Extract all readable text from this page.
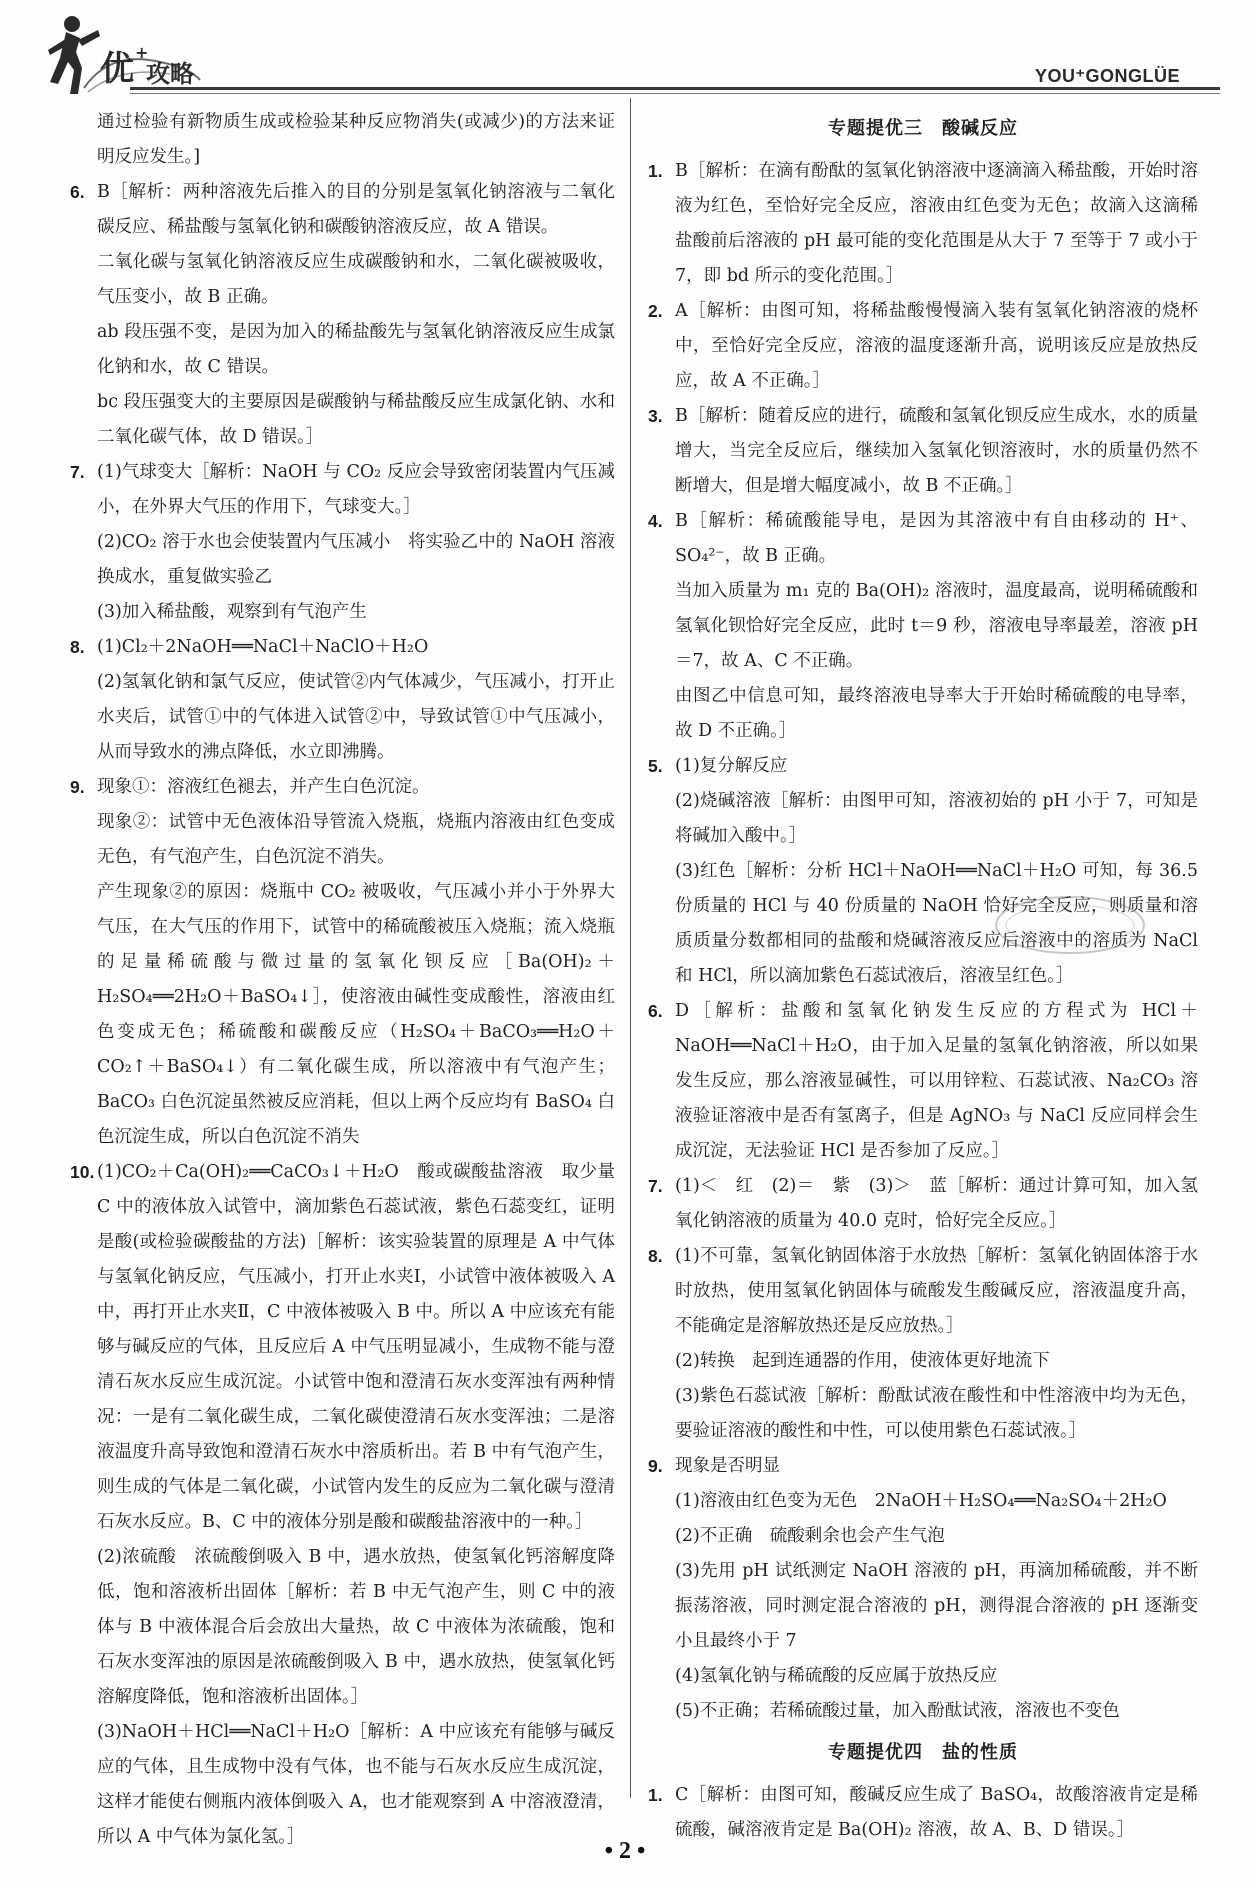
优 +
攻略	YOU⁺GONGLÜE

通过检验有新物质生成或检验某种反应物消失(或减少)的方法来证明反应发生。]

6. B［解析：两种溶液先后推入的目的分别是氢氧化钠溶液与二氧化碳反应、稀盐酸与氢氧化钠和碳酸钠溶液反应，故 A 错误。

二氧化碳与氢氧化钠溶液反应生成碳酸钠和水，二氧化碳被吸收，气压变小，故 B 正确。

ab 段压强不变，是因为加入的稀盐酸先与氢氧化钠溶液反应生成氯化钠和水，故 C 错误。

bc 段压强变大的主要原因是碳酸钠与稀盐酸反应生成氯化钠、水和二氧化碳气体，故 D 错误。］

7. (1)气球变大［解析：NaOH 与 CO₂ 反应会导致密闭装置内气压减小，在外界大气压的作用下，气球变大。］

(2)CO₂ 溶于水也会使装置内气压减小　将实验乙中的 NaOH 溶液换成水，重复做实验乙

(3)加入稀盐酸，观察到有气泡产生

8. (1)Cl₂＋2NaOH══NaCl＋NaClO＋H₂O

(2)氢氧化钠和氯气反应，使试管②内气体减少，气压减小，打开止水夹后，试管①中的气体进入试管②中，导致试管①中气压减小，从而导致水的沸点降低，水立即沸腾。

9. 现象①：溶液红色褪去，并产生白色沉淀。

现象②：试管中无色液体沿导管流入烧瓶，烧瓶内溶液由红色变成无色，有气泡产生，白色沉淀不消失。

产生现象②的原因：烧瓶中 CO₂ 被吸收，气压减小并小于外界大气压，在大气压的作用下，试管中的稀硫酸被压入烧瓶；流入烧瓶的足量稀硫酸与微过量的氢氧化钡反应［Ba(OH)₂＋H₂SO₄══2H₂O＋BaSO₄↓］，使溶液由碱性变成酸性，溶液由红色变成无色；稀硫酸和碳酸反应（H₂SO₄＋BaCO₃══H₂O＋CO₂↑＋BaSO₄↓）有二氧化碳生成，所以溶液中有气泡产生；BaCO₃ 白色沉淀虽然被反应消耗，但以上两个反应均有 BaSO₄ 白色沉淀生成，所以白色沉淀不消失

10. (1)CO₂＋Ca(OH)₂══CaCO₃↓＋H₂O　酸或碳酸盐溶液　取少量 C 中的液体放入试管中，滴加紫色石蕊试液，紫色石蕊变红，证明是酸(或检验碳酸盐的方法)［解析：该实验装置的原理是 A 中气体与氢氧化钠反应，气压减小，打开止水夹Ⅰ，小试管中液体被吸入 A 中，再打开止水夹Ⅱ，C 中液体被吸入 B 中。所以 A 中应该充有能够与碱反应的气体，且反应后 A 中气压明显减小，生成物不能与澄清石灰水反应生成沉淀。小试管中饱和澄清石灰水变浑浊有两种情况：一是有二氧化碳生成，二氧化碳使澄清石灰水变浑浊；二是溶液温度升高导致饱和澄清石灰水中溶质析出。若 B 中有气泡产生，则生成的气体是二氧化碳，小试管内发生的反应为二氧化碳与澄清石灰水反应。B、C 中的液体分别是酸和碳酸盐溶液中的一种。］

(2)浓硫酸　浓硫酸倒吸入 B 中，遇水放热，使氢氧化钙溶解度降低，饱和溶液析出固体［解析：若 B 中无气泡产生，则 C 中的液体与 B 中液体混合后会放出大量热，故 C 中液体为浓硫酸，饱和石灰水变浑浊的原因是浓硫酸倒吸入 B 中，遇水放热，使氢氧化钙溶解度降低，饱和溶液析出固体。］

(3)NaOH＋HCl══NaCl＋H₂O［解析：A 中应该充有能够与碱反应的气体，且生成物中没有气体，也不能与石灰水反应生成沉淀，这样才能使右侧瓶内液体倒吸入 A，也才能观察到 A 中溶液澄清，所以 A 中气体为氯化氢。］

专题提优三　酸碱反应
1. B［解析：在滴有酚酞的氢氧化钠溶液中逐滴滴入稀盐酸，开始时溶液为红色，至恰好完全反应，溶液由红色变为无色；故滴入这滴稀盐酸前后溶液的 pH 最可能的变化范围是从大于 7 至等于 7 或小于 7，即 bd 所示的变化范围。］

2. A［解析：由图可知，将稀盐酸慢慢滴入装有氢氧化钠溶液的烧杯中，至恰好完全反应，溶液的温度逐渐升高，说明该反应是放热反应，故 A 不正确。］

3. B［解析：随着反应的进行，硫酸和氢氧化钡反应生成水，水的质量增大，当完全反应后，继续加入氢氧化钡溶液时，水的质量仍然不断增大，但是增大幅度减小，故 B 不正确。］

4. B［解析：稀硫酸能导电，是因为其溶液中有自由移动的 H⁺、SO₄²⁻，故 B 正确。

当加入质量为 m₁ 克的 Ba(OH)₂ 溶液时，温度最高，说明稀硫酸和氢氧化钡恰好完全反应，此时 t＝9 秒，溶液电导率最差，溶液 pH＝7，故 A、C 不正确。

由图乙中信息可知，最终溶液电导率大于开始时稀硫酸的电导率，故 D 不正确。］

5. (1)复分解反应

(2)烧碱溶液［解析：由图甲可知，溶液初始的 pH 小于 7，可知是将碱加入酸中。］

(3)红色［解析：分析 HCl＋NaOH══NaCl＋H₂O 可知，每 36.5 份质量的 HCl 与 40 份质量的 NaOH 恰好完全反应，则质量和溶质质量分数都相同的盐酸和烧碱溶液反应后溶液中的溶质为 NaCl 和 HCl，所以滴加紫色石蕊试液后，溶液呈红色。］

6. D［解析：盐酸和氢氧化钠发生反应的方程式为 HCl＋NaOH══NaCl＋H₂O，由于加入足量的氢氧化钠溶液，所以如果发生反应，那么溶液显碱性，可以用锌粒、石蕊试液、Na₂CO₃ 溶液验证溶液中是否有氢离子，但是 AgNO₃ 与 NaCl 反应同样会生成沉淀，无法验证 HCl 是否参加了反应。］

7. (1)＜　红　(2)＝　紫　(3)＞　蓝［解析：通过计算可知，加入氢氧化钠溶液的质量为 40.0 克时，恰好完全反应。］

8. (1)不可靠，氢氧化钠固体溶于水放热［解析：氢氧化钠固体溶于水时放热，使用氢氧化钠固体与硫酸发生酸碱反应，溶液温度升高，不能确定是溶解放热还是反应放热。］

(2)转换　起到连通器的作用，使液体更好地流下

(3)紫色石蕊试液［解析：酚酞试液在酸性和中性溶液中均为无色，要验证溶液的酸性和中性，可以使用紫色石蕊试液。］

9. 现象是否明显

(1)溶液由红色变为无色　2NaOH＋H₂SO₄══Na₂SO₄＋2H₂O

(2)不正确　硫酸剩余也会产生气泡

(3)先用 pH 试纸测定 NaOH 溶液的 pH，再滴加稀硫酸，并不断振荡溶液，同时测定混合溶液的 pH，测得混合溶液的 pH 逐渐变小且最终小于 7

(4)氢氧化钠与稀硫酸的反应属于放热反应

(5)不正确；若稀硫酸过量，加入酚酞试液，溶液也不变色

专题提优四　盐的性质
1. C［解析：由图可知，酸碱反应生成了 BaSO₄，故酸溶液肯定是稀硫酸，碱溶液肯定是 Ba(OH)₂ 溶液，故 A、B、D 错误。］

• 2 •
